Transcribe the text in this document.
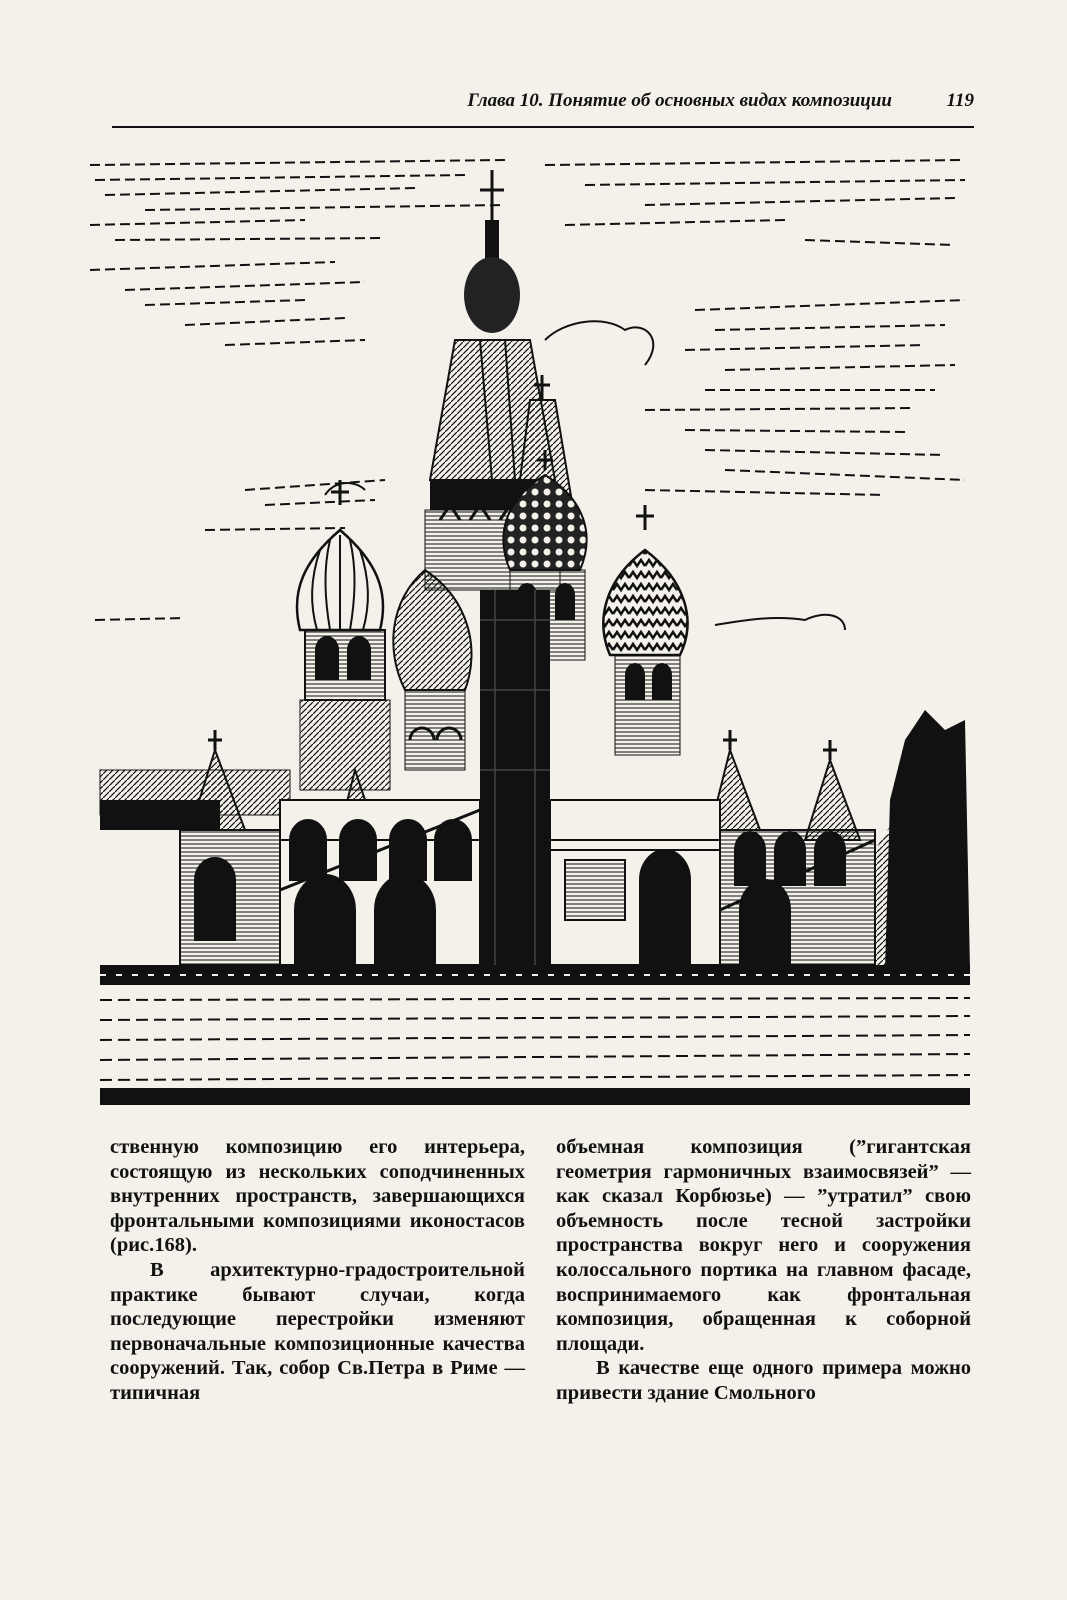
Глава 10. Понятие об основных видах композиции	119

ственную композицию его интерьера, состоящую из нескольких соподчиненных внутренних пространств, завершающихся фронтальными композициями иконостасов (рис.168).

В архитектурно-градостроительной практике бывают случаи, когда последующие перестройки изменяют первоначальные композиционные качества сооружений. Так, собор Св.Петра в Риме — типичная

объемная композиция (”гигантская геометрия гармоничных взаимосвязей” — как сказал Корбюзье) — ”утратил” свою объемность после тесной застройки пространства вокруг него и сооружения колоссального портика на главном фасаде, воспринимаемого как фронтальная композиция, обращенная к соборной площади.

В качестве еще одного примера можно привести здание Смольного
